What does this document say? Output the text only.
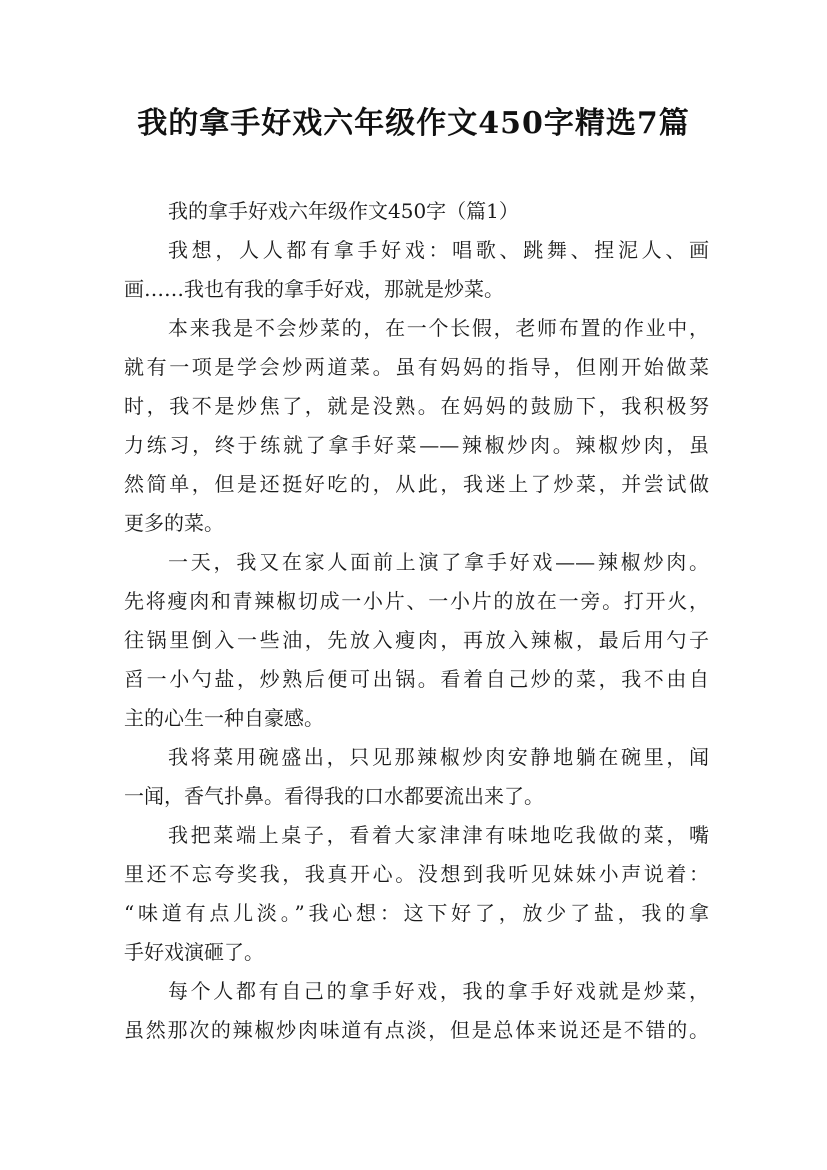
我的拿手好戏六年级作文450字精选7篇
我的拿手好戏六年级作文450字（篇1）
我想，人人都有拿手好戏：唱歌、跳舞、捏泥人、画
画……我也有我的拿手好戏，那就是炒菜。
本来我是不会炒菜的，在一个长假，老师布置的作业中，
就有一项是学会炒两道菜。虽有妈妈的指导，但刚开始做菜
时，我不是炒焦了，就是没熟。在妈妈的鼓励下，我积极努
力练习，终于练就了拿手好菜——辣椒炒肉。辣椒炒肉，虽
然简单，但是还挺好吃的，从此，我迷上了炒菜，并尝试做
更多的菜。
一天，我又在家人面前上演了拿手好戏——辣椒炒肉。
先将瘦肉和青辣椒切成一小片、一小片的放在一旁。打开火，
往锅里倒入一些油，先放入瘦肉，再放入辣椒，最后用勺子
舀一小勺盐，炒熟后便可出锅。看着自己炒的菜，我不由自
主的心生一种自豪感。
我将菜用碗盛出，只见那辣椒炒肉安静地躺在碗里，闻
一闻，香气扑鼻。看得我的口水都要流出来了。
我把菜端上桌子，看着大家津津有味地吃我做的菜，嘴
里还不忘夸奖我，我真开心。没想到我听见妹妹小声说着：
“味道有点儿淡。”我心想：这下好了，放少了盐，我的拿
手好戏演砸了。
每个人都有自己的拿手好戏，我的拿手好戏就是炒菜，
虽然那次的辣椒炒肉味道有点淡，但是总体来说还是不错的。
